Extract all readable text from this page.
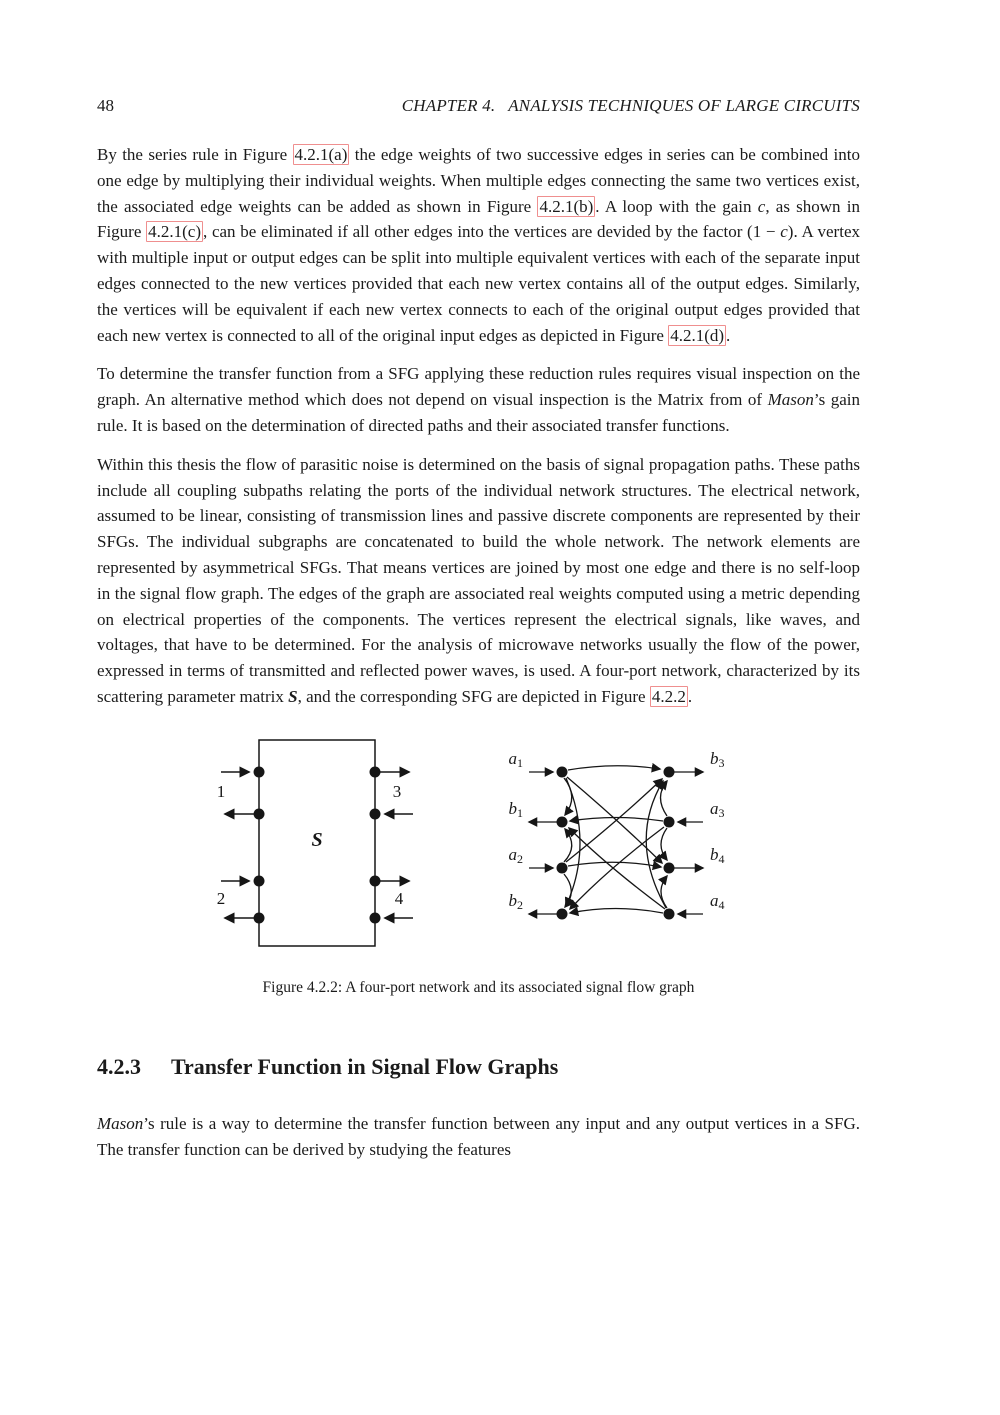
48	CHAPTER 4.  ANALYSIS TECHNIQUES OF LARGE CIRCUITS

By the series rule in Figure 4.2.1(a) the edge weights of two successive edges in series can be combined into one edge by multiplying their individual weights. When multiple edges connecting the same two vertices exist, the associated edge weights can be added as shown in Figure 4.2.1(b) . A loop with the gain c, as shown in Figure 4.2.1(c) , can be eliminated if all other edges into the vertices are devided by the factor (1 − c). A vertex with multiple input or output edges can be split into multiple equivalent vertices with each of the separate input edges connected to the new vertices provided that each new vertex contains all of the output edges. Similarly, the vertices will be equivalent if each new vertex connects to each of the original output edges provided that each new vertex is connected to all of the original input edges as depicted in Figure 4.2.1(d) .

To determine the transfer function from a SFG applying these reduction rules requires visual inspection on the graph. An alternative method which does not depend on visual inspection is the Matrix from of Mason’s gain rule. It is based on the determination of directed paths and their associated transfer functions.

Within this thesis the flow of parasitic noise is determined on the basis of signal propagation paths. These paths include all coupling subpaths relating the ports of the individual network structures. The electrical network, assumed to be linear, consisting of transmission lines and passive discrete components are represented by their SFGs. The individual subgraphs are concatenated to build the whole network. The network elements are represented by asymmetrical SFGs. That means vertices are joined by most one edge and there is no self-loop in the signal flow graph. The edges of the graph are associated real weights computed using a metric depending on electrical properties of the components. The vertices represent the electrical signals, like waves, and voltages, that have to be determined. For the analysis of microwave networks usually the flow of the power, expressed in terms of transmitted and reflected power waves, is used. A four-port network, characterized by its scattering parameter matrix S, and the corresponding SFG are depicted in Figure 4.2.2 .

1
2
3
4
S
a1
b1
a2
b2
b3
a3
b4
a4
Figure 4.2.2: A four-port network and its associated signal flow graph
4.2.3 Transfer Function in Signal Flow Graphs

Mason’s rule is a way to determine the transfer function between any input and any output vertices in a SFG. The transfer function can be derived by studying the features
